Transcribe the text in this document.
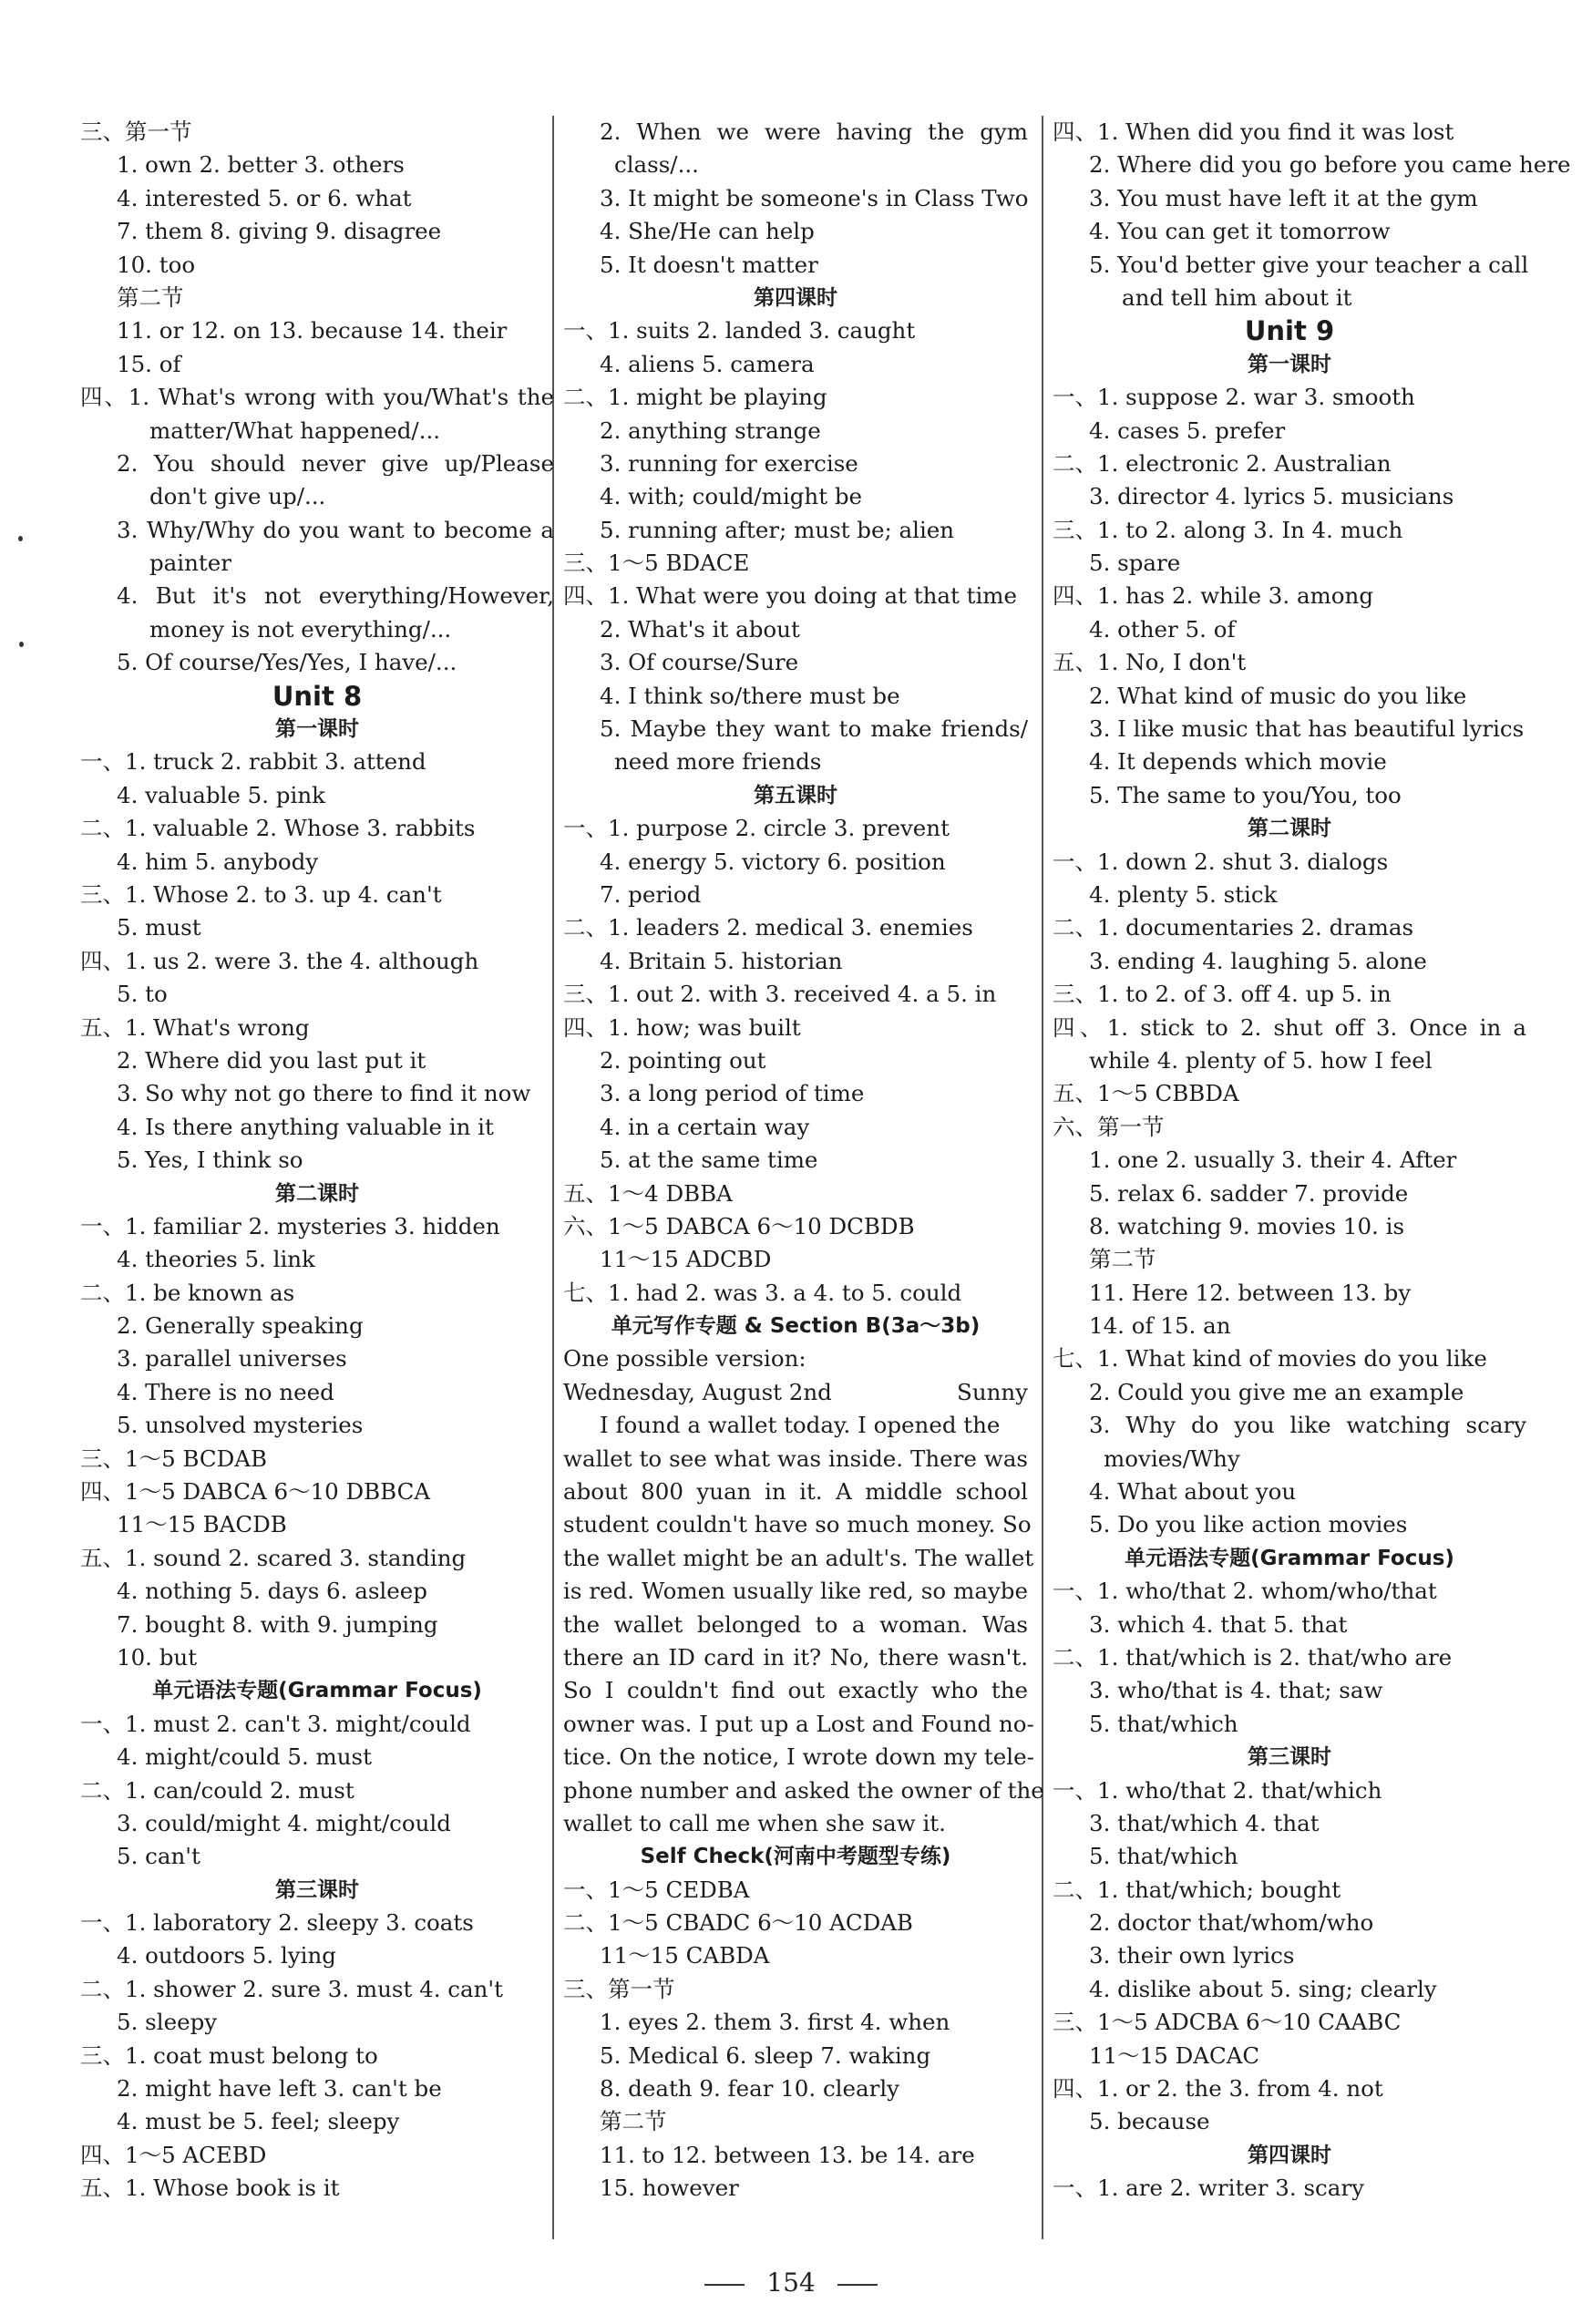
三、第一节
1. own 2. better 3. others
4. interested 5. or 6. what
7. them 8. giving 9. disagree
10. too
第二节
11. or 12. on 13. because 14. their
15. of
四、1. What's wrong with you/What's the
matter/What happened/...
2. You should never give up/Please
don't give up/...
3. Why/Why do you want to become a
painter
4. But it's not everything/However,
money is not everything/...
5. Of course/Yes/Yes, I have/...
Unit 8
第一课时
一、1. truck 2. rabbit 3. attend
4. valuable 5. pink
二、1. valuable 2. Whose 3. rabbits
4. him 5. anybody
三、1. Whose 2. to 3. up 4. can't
5. must
四、1. us 2. were 3. the 4. although
5. to
五、1. What's wrong
2. Where did you last put it
3. So why not go there to find it now
4. Is there anything valuable in it
5. Yes, I think so
第二课时
一、1. familiar 2. mysteries 3. hidden
4. theories 5. link
二、1. be known as
2. Generally speaking
3. parallel universes
4. There is no need
5. unsolved mysteries
三、1～5 BCDAB
四、1～5 DABCA 6～10 DBBCA
11～15 BACDB
五、1. sound 2. scared 3. standing
4. nothing 5. days 6. asleep
7. bought 8. with 9. jumping
10. but
单元语法专题(Grammar Focus)
一、1. must 2. can't 3. might/could
4. might/could 5. must
二、1. can/could 2. must
3. could/might 4. might/could
5. can't
第三课时
一、1. laboratory 2. sleepy 3. coats
4. outdoors 5. lying
二、1. shower 2. sure 3. must 4. can't
5. sleepy
三、1. coat must belong to
2. might have left 3. can't be
4. must be 5. feel; sleepy
四、1～5 ACEBD
五、1. Whose book is it
2. When we were having the gym
class/...
3. It might be someone's in Class Two
4. She/He can help
5. It doesn't matter
第四课时
一、1. suits 2. landed 3. caught
4. aliens 5. camera
二、1. might be playing
2. anything strange
3. running for exercise
4. with; could/might be
5. running after; must be; alien
三、1～5 BDACE
四、1. What were you doing at that time
2. What's it about
3. Of course/Sure
4. I think so/there must be
5. Maybe they want to make friends/
need more friends
第五课时
一、1. purpose 2. circle 3. prevent
4. energy 5. victory 6. position
7. period
二、1. leaders 2. medical 3. enemies
4. Britain 5. historian
三、1. out 2. with 3. received 4. a 5. in
四、1. how; was built
2. pointing out
3. a long period of time
4. in a certain way
5. at the same time
五、1～4 DBBA
六、1～5 DABCA 6～10 DCBDB
11～15 ADCBD
七、1. had 2. was 3. a 4. to 5. could
单元写作专题 & Section B(3a～3b)
One possible version:
Sunny
Wednesday, August 2nd
I found a wallet today. I opened the
wallet to see what was inside. There was
about 800 yuan in it. A middle school
student couldn't have so much money. So
the wallet might be an adult's. The wallet
is red. Women usually like red, so maybe
the wallet belonged to a woman. Was
there an ID card in it? No, there wasn't.
So I couldn't find out exactly who the
owner was. I put up a Lost and Found no-
tice. On the notice, I wrote down my tele-
phone number and asked the owner of the
wallet to call me when she saw it.
Self Check(河南中考题型专练)
一、1～5 CEDBA
二、1～5 CBADC 6～10 ACDAB
11～15 CABDA
三、第一节
1. eyes 2. them 3. first 4. when
5. Medical 6. sleep 7. waking
8. death 9. fear 10. clearly
第二节
11. to 12. between 13. be 14. are
15. however
四、1. When did you find it was lost
2. Where did you go before you came here
3. You must have left it at the gym
4. You can get it tomorrow
5. You'd better give your teacher a call
and tell him about it
Unit 9
第一课时
一、1. suppose 2. war 3. smooth
4. cases 5. prefer
二、1. electronic 2. Australian
3. director 4. lyrics 5. musicians
三、1. to 2. along 3. In 4. much
5. spare
四、1. has 2. while 3. among
4. other 5. of
五、1. No, I don't
2. What kind of music do you like
3. I like music that has beautiful lyrics
4. It depends which movie
5. The same to you/You, too
第二课时
一、1. down 2. shut 3. dialogs
4. plenty 5. stick
二、1. documentaries 2. dramas
3. ending 4. laughing 5. alone
三、1. to 2. of 3. off 4. up 5. in
四、1. stick to 2. shut off 3. Once in a
while 4. plenty of 5. how I feel
五、1～5 CBBDA
六、第一节
1. one 2. usually 3. their 4. After
5. relax 6. sadder 7. provide
8. watching 9. movies 10. is
第二节
11. Here 12. between 13. by
14. of 15. an
七、1. What kind of movies do you like
2. Could you give me an example
3. Why do you like watching scary
movies/Why
4. What about you
5. Do you like action movies
单元语法专题(Grammar Focus)
一、1. who/that 2. whom/who/that
3. which 4. that 5. that
二、1. that/which is 2. that/who are
3. who/that is 4. that; saw
5. that/which
第三课时
一、1. who/that 2. that/which
3. that/which 4. that
5. that/which
二、1. that/which; bought
2. doctor that/whom/who
3. their own lyrics
4. dislike about 5. sing; clearly
三、1～5 ADCBA 6～10 CAABC
11～15 DACAC
四、1. or 2. the 3. from 4. not
5. because
第四课时
一、1. are 2. writer 3. scary
154
